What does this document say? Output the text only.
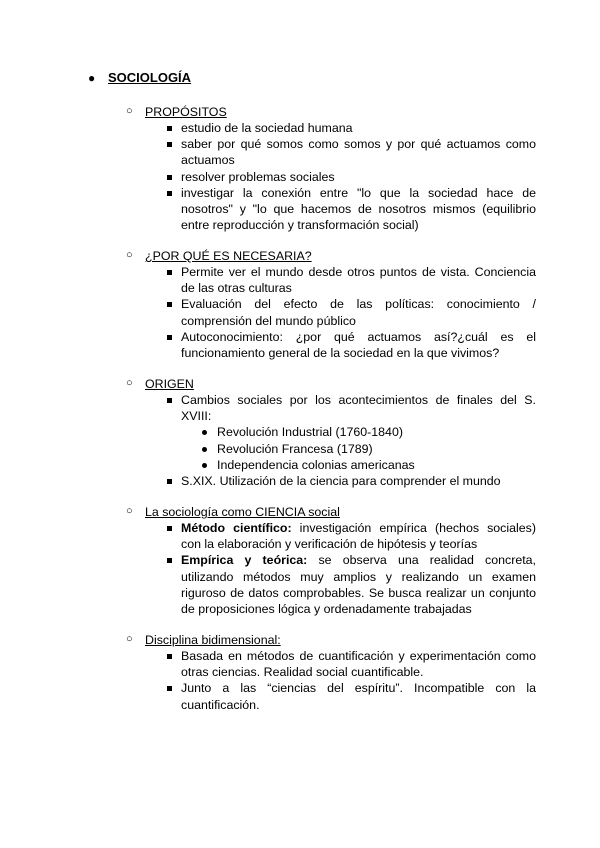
● SOCIOLOGÍA
○ PROPÓSITOS
estudio de la sociedad humana
saber por qué somos como somos y por qué actuamos como actuamos
resolver problemas sociales
investigar la conexión entre "lo que la sociedad hace de nosotros" y "lo que hacemos de nosotros mismos (equilibrio entre reproducción y transformación social)
○ ¿POR QUÉ ES NECESARIA?
Permite ver el mundo desde otros puntos de vista. Conciencia de las otras culturas
Evaluación del efecto de las políticas: conocimiento / comprensión del mundo público
Autoconocimiento: ¿por qué actuamos así?¿cuál es el funcionamiento general de la sociedad en la que vivimos?
○ ORIGEN
Cambios sociales por los acontecimientos de finales del S. XVIII:
Revolución Industrial (1760-1840)
Revolución Francesa (1789)
Independencia colonias americanas
S.XIX. Utilización de la ciencia para comprender el mundo
○ La sociología como CIENCIA social
Método científico: investigación empírica (hechos sociales) con la elaboración y verificación de hipótesis y teorías
Empírica y teórica: se observa una realidad concreta, utilizando métodos muy amplios y realizando un examen riguroso de datos comprobables. Se busca realizar un conjunto de proposiciones lógica y ordenadamente trabajadas
○ Disciplina bidimensional:
Basada en métodos de cuantificación y experimentación como otras ciencias. Realidad social cuantificable.
Junto a las “ciencias del espíritu”. Incompatible con la cuantificación.
